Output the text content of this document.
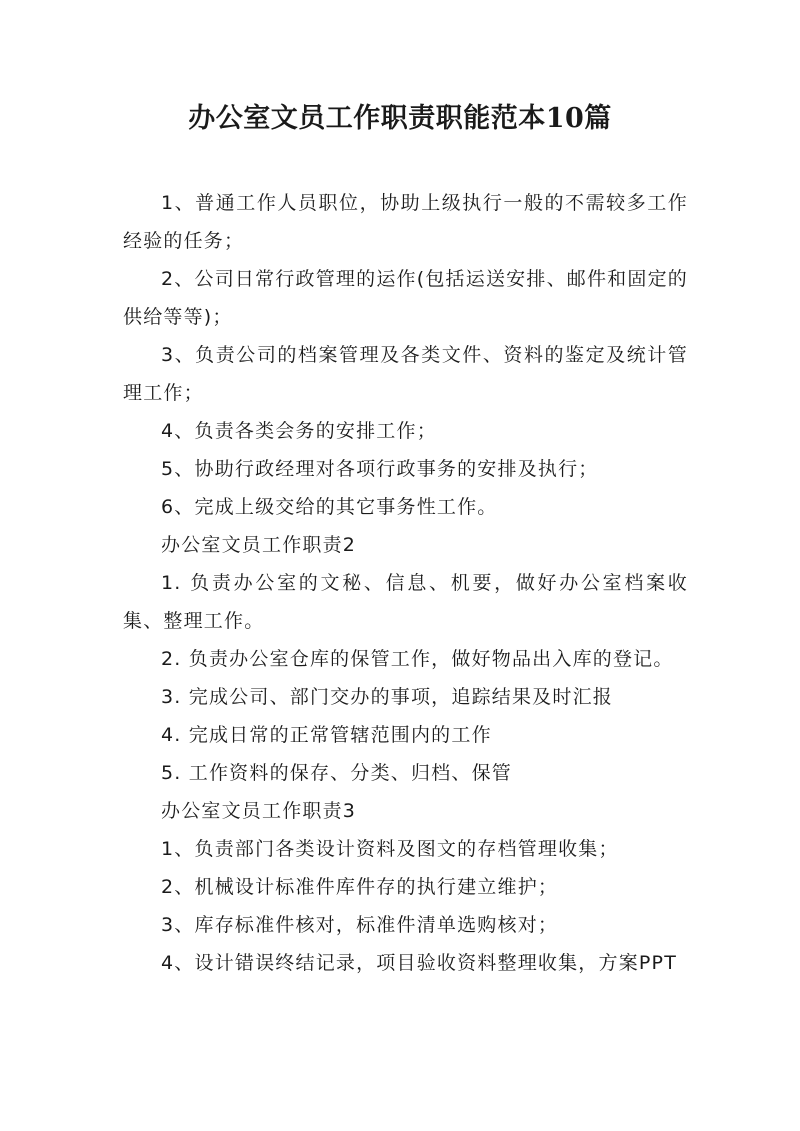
办公室文员工作职责职能范本10篇

1、普通工作人员职位，协助上级执行一般的不需较多工作经验的任务；

2、公司日常行政管理的运作(包括运送安排、邮件和固定的供给等等)；

3、负责公司的档案管理及各类文件、资料的鉴定及统计管理工作；

4、负责各类会务的安排工作；

5、协助行政经理对各项行政事务的安排及执行；

6、完成上级交给的其它事务性工作。

办公室文员工作职责2

1. 负责办公室的文秘、信息、机要，做好办公室档案收集、整理工作。

2. 负责办公室仓库的保管工作，做好物品出入库的登记。

3. 完成公司、部门交办的事项，追踪结果及时汇报

4. 完成日常的正常管辖范围内的工作

5. 工作资料的保存、分类、归档、保管

办公室文员工作职责3

1、负责部门各类设计资料及图文的存档管理收集；

2、机械设计标准件库件存的执行建立维护；

3、库存标准件核对，标准件清单选购核对；

4、设计错误终结记录，项目验收资料整理收集，方案PPT
